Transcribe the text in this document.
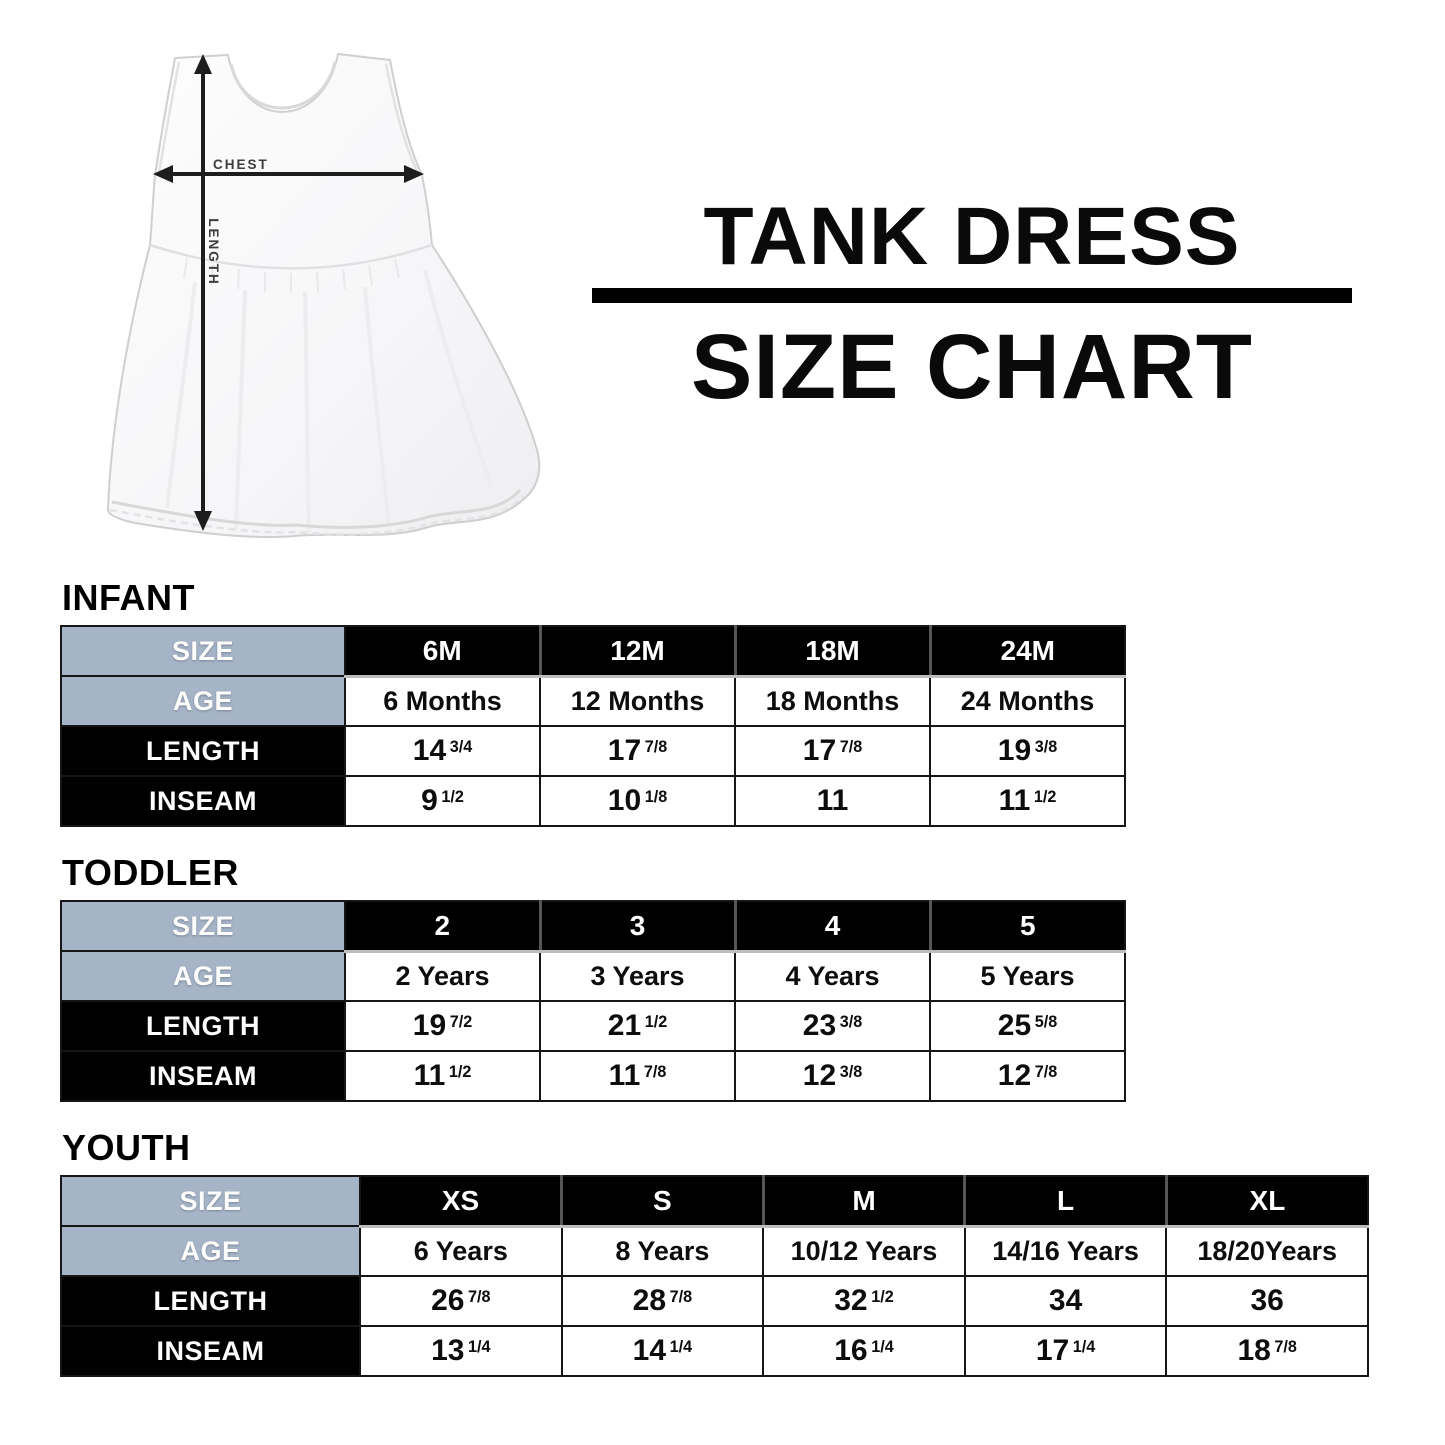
CHEST
LENGTH	TANK DRESS
SIZE CHART
INFANT
SIZE	6M	12M	18M	24M
AGE	6 Months	12 Months	18 Months	24 Months
LENGTH	14 $^{3/4}$	17 $^{7/8}$	17 $^{7/8}$	19 $^{3/8}$
INSEAM	9 $^{1/2}$	10 $^{1/8}$	11	11 $^{1/2}$
TODDLER
SIZE	2	3	4	5
AGE	2 Years	3 Years	4 Years	5 Years
LENGTH	19 $^{7/2}$	21 $^{1/2}$	23 $^{3/8}$	25 $^{5/8}$
INSEAM	11 $^{1/2}$	11 $^{7/8}$	12 $^{3/8}$	12 $^{7/8}$
YOUTH
SIZE	XS	S	M	L	XL
AGE	6 Years	8 Years	10/12 Years	14/16 Years	18/20Years
LENGTH	26 $^{7/8}$	28 $^{7/8}$	32 $^{1/2}$	34	36
INSEAM	13 $^{1/4}$	14 $^{1/4}$	16 $^{1/4}$	17 $^{1/4}$	18 $^{7/8}$
